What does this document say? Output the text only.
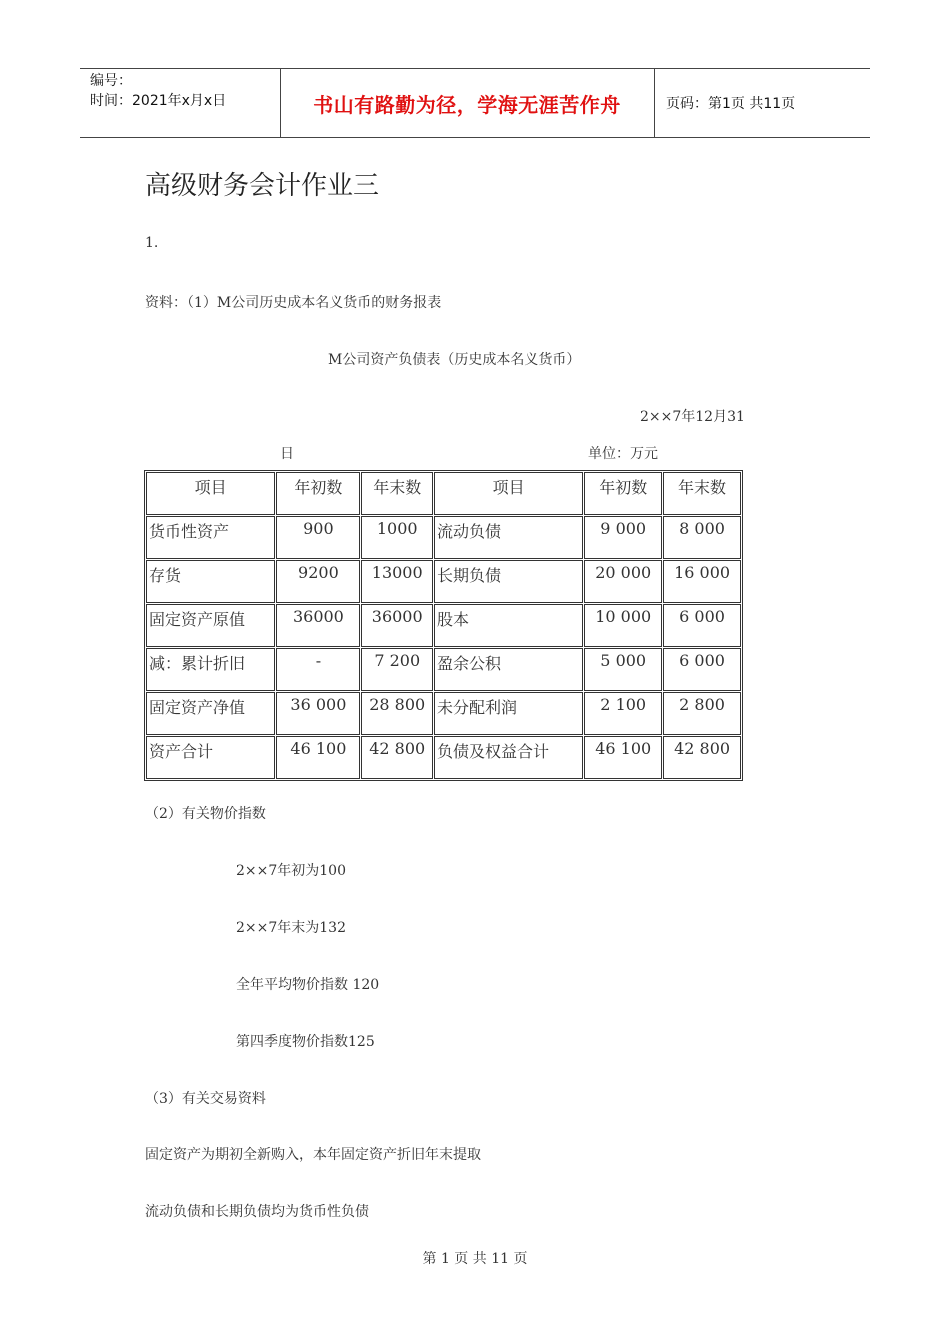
编号：
时间：2021年x月x日	书山有路勤为径，学海无涯苦作舟	页码：第1页 共11页
高级财务会计作业三
1.
资料：（1）M公司历史成本名义货币的财务报表
M公司资产负债表（历史成本名义货币）
2××7年12月31
日	单位：万元
项目	年初数	年末数	项目	年初数	年末数
货币性资产	900	1000	流动负债	9 000	8 000
存货	9200	13000	长期负债	20 000	16 000
固定资产原值	36000	36000	股本	10 000	6 000
减：累计折旧	-	7 200	盈余公积	5 000	6 000
固定资产净值	36 000	28 800	未分配利润	2 100	2 800
资产合计	46 100	42 800	负债及权益合计	46 100	42 800
（2）有关物价指数
2××7年初为100
2××7年末为132
全年平均物价指数 120
第四季度物价指数125
（3）有关交易资料
固定资产为期初全新购入，本年固定资产折旧年末提取
流动负债和长期负债均为货币性负债
第 1 页 共 11 页
